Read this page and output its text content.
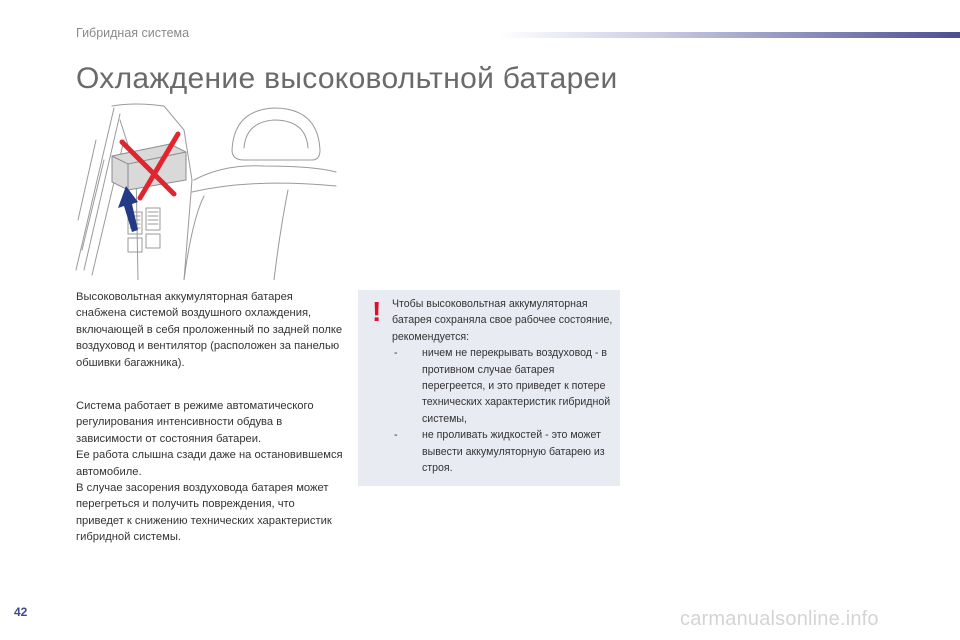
Гибридная система
Охлаждение высоковольтной батареи

Высоковольтная аккумуляторная батарея снабжена системой воздушного охлаждения, включающей в себя проложенный по задней полке воздуховод и вентилятор (расположен за панелью обшивки багажника).

Система работает в режиме автоматического регулирования интенсивности обдува в зависимости от состояния батареи.

Ее работа слышна сзади даже на остановившемся автомобиле.

В случае засорения воздуховода батарея может перегреться и получить повреждения, что приведет к снижению технических характеристик гибридной системы.

! Чтобы высоковольтная аккумуляторная батарея сохраняла свое рабочее состояние, рекомендуется:

- ничем не перекрывать воздуховод - в противном случае батарея перегреется, и это приведет к потере технических характеристик гибридной системы,
- не проливать жидкостей - это может вывести аккумуляторную батарею из строя.
42	carmanualsonline.info
